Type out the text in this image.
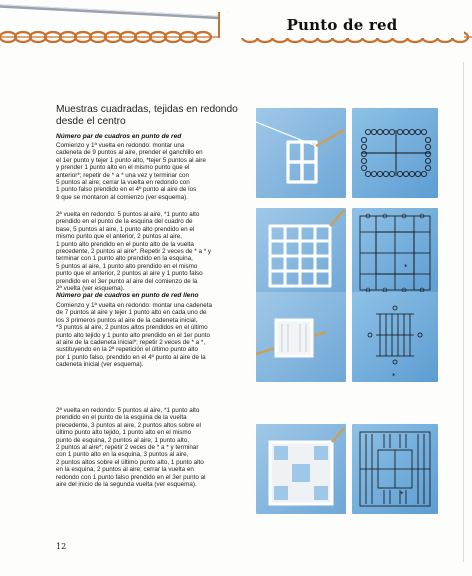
Punto de red
Muestras cuadradas, tejidas en redondo desde el centro
Número par de cuadros en punto de red
Comienzo y 1ª vuelta en redondo: montar una
cadeneta de 9 puntos al aire, prender el ganchillo en
el 1er punto y tejer 1 punto alto, *tejer 5 puntos al aire
y prender 1 punto alto en el mismo punto que el
anterior*; repetir de * a * una vez y terminar con
5 puntos al aire; cerrar la vuelta en redondo con
1 punto falso prendido en el 4º punto al aire de los
9 que se montaron al comienzo (ver esquema).
2ª vuelta en redondo: 5 puntos al aire, *1 punto alto
prendido en el punto de la esquina del cuadro de
base, 5 puntos al aire, 1 punto alto prendido en el
mismo punto que el anterior, 2 puntos al aire,
1 punto alto prendido en el punto alto de la vuelta
precedente, 2 puntos al aire*. Repetir 2 veces de * a * y
terminar con 1 punto alto prendido en la esquina,
5 puntos al aire, 1 punto alto prendido en el mismo
punto que el anterior, 2 puntos al aire y 1 punto falso
prendido en el 3er punto al aire del comienzo de la
2ª vuelta (ver esquema).
Número par de cuadros en punto de red lleno
Comienzo y 1ª vuelta en redondo: montar una cadeneta
de 7 puntos al aire y tejer 1 punto alto en cada uno de
los 3 primeros puntos al aire de la cadeneta inicial,
*3 puntos al aire, 2 puntos altos prendidos en el último
punto alto tejido y 1 punto alto prendido en el 1er punto
al aire de la cadeneta inicial*; repetir 2 veces de * a *,
sustituyendo en la 2ª repetición el último punto alto
por 1 punto falso, prendido en el 4º punto al aire de la
cadeneta inicial (ver esquema).
2ª vuelta en redondo: 5 puntos al aire, *1 punto alto
prendido en el punto de la esquina de la vuelta
precedente, 3 puntos al aire, 2 puntos altos sobre el
último punto alto tejido, 1 punto alto en el mismo
punto de esquina, 2 puntos al aire, 1 punto alto,
2 puntos al aire*; repetir 2 veces de * a * y terminar
con 1 punto alto en la esquina, 3 puntos al aire,
2 puntos altos sobre el último punto alto, 1 punto alto
en la esquina, 2 puntos al aire; cerrar la vuelta en
redondo con 1 punto falso prendido en el 3er punto al
aire del inicio de la segunda vuelta (ver esquema).
*
*
*
12
